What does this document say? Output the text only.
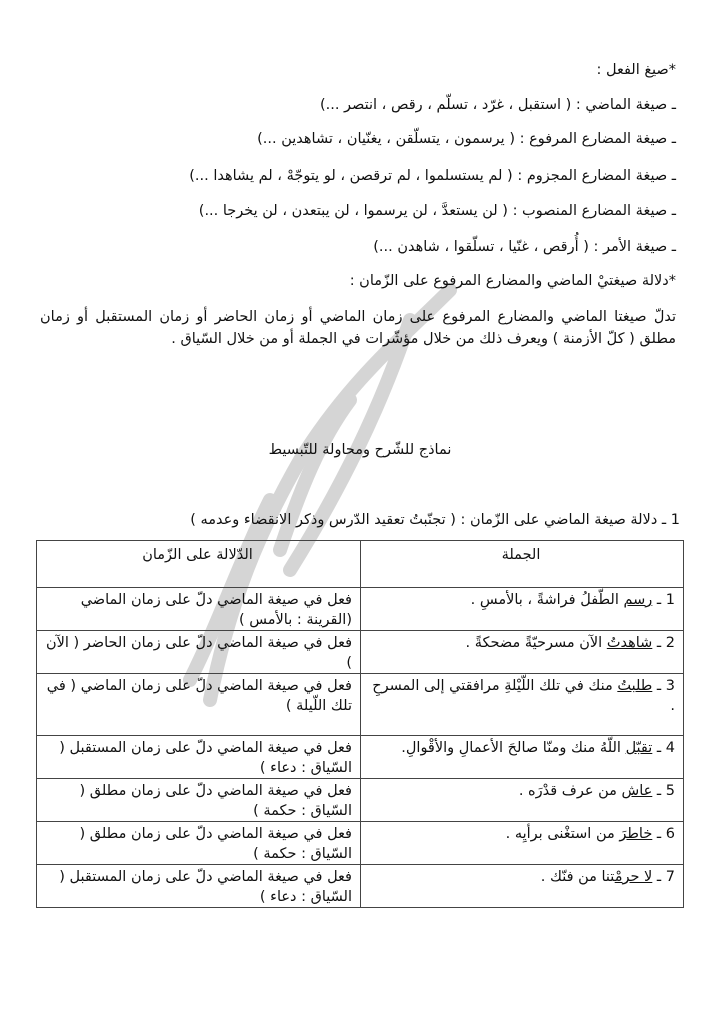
*صيغ الفعل :
ـ صيغة الماضي : ( استقبل ، غرّد ، تسلّم ، رقص ، انتصر ...)
ـ صيغة المضارع المرفوع : ( يرسمون ، يتسلّقن ، يغنّيان ، تشاهدين ...)
ـ صيغة المضارع المجزوم : ( لم يستسلموا ، لم ترقصن ، لو يتوجّهْ ، لم يشاهدا ...)
ـ صيغة المضارع المنصوب : ( لن يستعدَّ ، لن يرسموا ، لن يبتعدن ، لن يخرجا ...)
ـ صيغة الأمر : ( أُرقص ، غنّيا ، تسلّقوا ، شاهدن ...)
*دلالة صيغتيْ الماضي والمضارع المرفوع على الزّمان :
تدلّ صيغتا الماضي والمضارع المرفوع على زمان الماضي أو زمان الحاضر أو زمان المستقبل أو زمان مطلق ( كلّ الأزمنة ) ويعرف ذلك من خلال مؤشّرات في الجملة أو من خلال السّياق .
نماذج للشّرح ومحاولة للتّبسيط
1 ـ دلالة صيغة الماضي على الزّمان : ( تجنّبتُ تعقيد الدّرس وذكر الانقضاء وعدمه )
الجملة	الدّلالة على الزّمان
1 ـ رسم الطّفلُ فراشةً ، بالأمسِ .	فعل في صيغة الماضي دلّ على زمان الماضي (القرينة : بالأمس )
2 ـ شاهدتُ الآن مسرحيّةً مضحكةً .	فعل في صيغة الماضي دلّ على زمان الحاضر ( الآن )
3 ـ طلبتُ منك في تلك اللّيْلةِ مرافقتي إلى المسرحِ .	فعل في صيغة الماضي دلّ على زمان الماضي ( في تلك اللّيلة )
4 ـ تقبّل اللّهُ منك ومنّا صالحَ الأعمالِ والأقْوالِ.	فعل في صيغة الماضي دلّ على زمان المستقبل ( السّياق : دعاء )
5 ـ عاش من عرف قدْرَه .	فعل في صيغة الماضي دلّ على زمان مطلق ( السّياق : حكمة )
6 ـ خاطرَ من استغْنى برأيِه .	فعل في صيغة الماضي دلّ على زمان مطلق ( السّياق : حكمة )
7 ـ لا حرمْتنا من فنّك .	فعل في صيغة الماضي دلّ على زمان المستقبل ( السّياق : دعاء )
